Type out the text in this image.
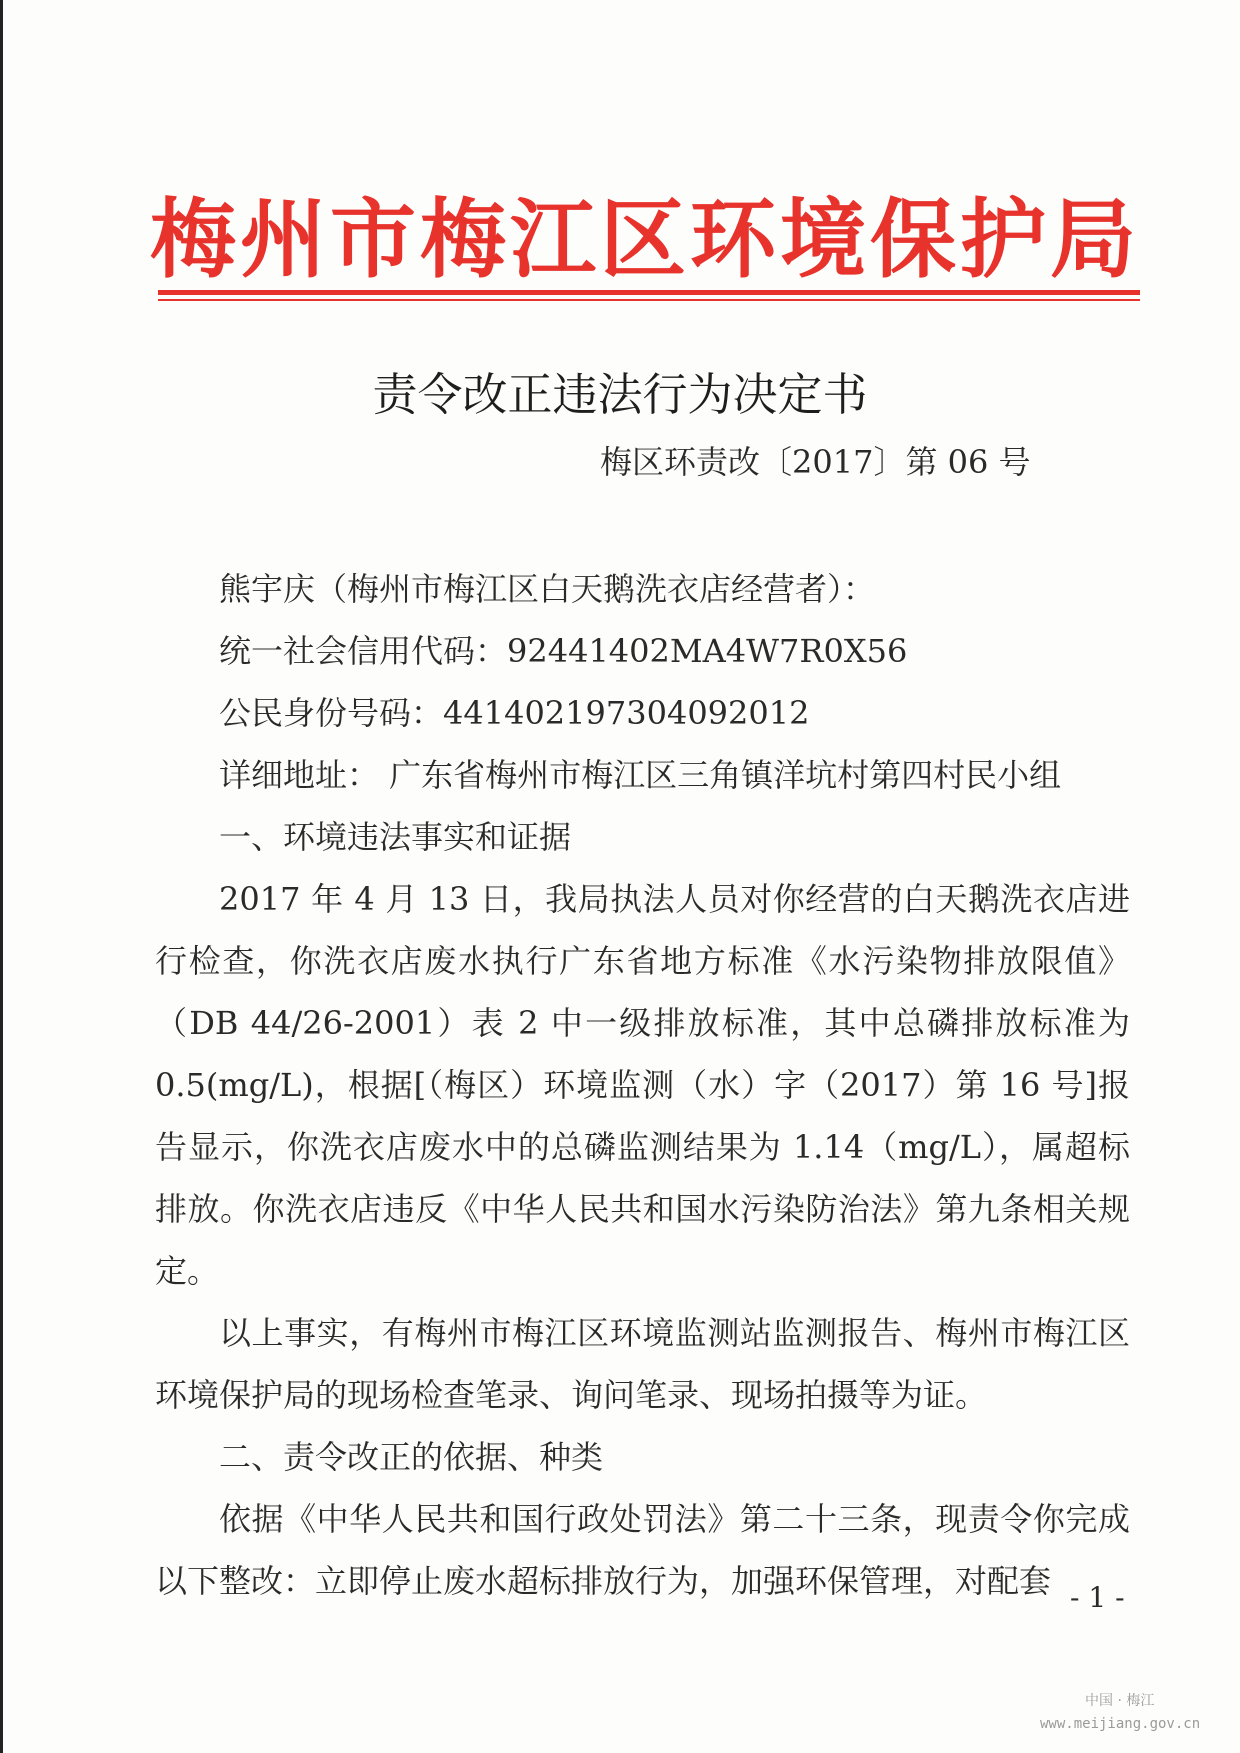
梅州市梅江区环境保护局
责令改正违法行为决定书
梅区环责改〔2017〕第 06 号

熊宇庆（梅州市梅江区白天鹅洗衣店经营者）：

统一社会信用代码：92441402MA4W7R0X56

公民身份号码：441402197304092012

详细地址： 广东省梅州市梅江区三角镇洋坑村第四村民小组

一、环境违法事实和证据

2017 年 4 月 13 日，我局执法人员对你经营的白天鹅洗衣店进行检查，你洗衣店废水执行广东省地方标准《水污染物排放限值》（DB 44/26-2001）表 2 中一级排放标准，其中总磷排放标准为 0.5(mg/L)，根据[（梅区）环境监测（水）字（2017）第 16 号]报告显示，你洗衣店废水中的总磷监测结果为 1.14（mg/L），属超标排放。你洗衣店违反《中华人民共和国水污染防治法》第九条相关规定。

以上事实，有梅州市梅江区环境监测站监测报告、梅州市梅江区环境保护局的现场检查笔录、询问笔录、现场拍摄等为证。

二、责令改正的依据、种类

依据《中华人民共和国行政处罚法》第二十三条，现责令你完成以下整改：立即停止废水超标排放行为，加强环保管理，对配套 - 1 -
中国 · 梅江
www.meijiang.gov.cn
